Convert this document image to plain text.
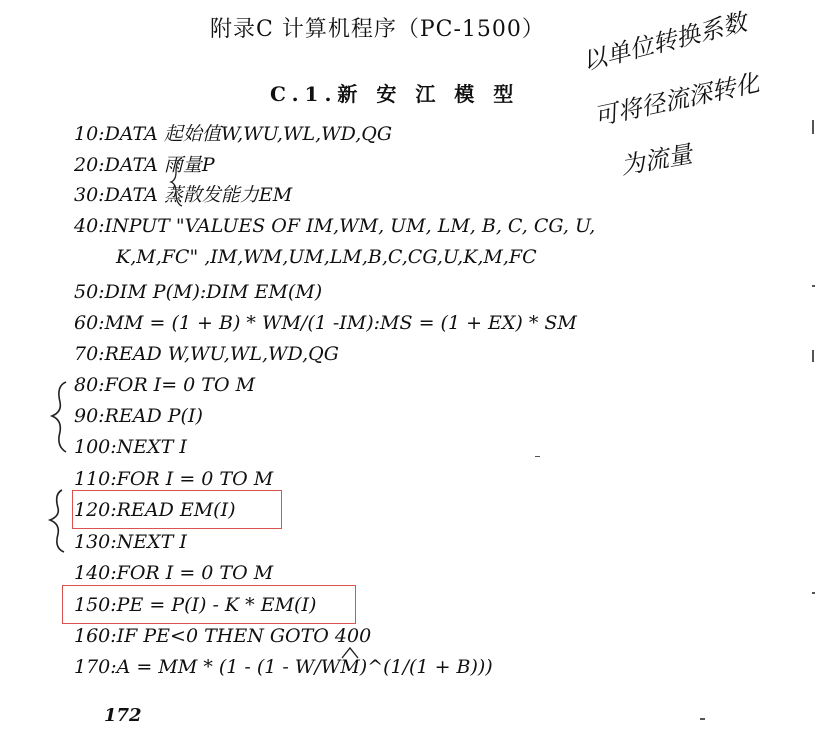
附录C 计算机程序（PC-1500）
C.1.新 安 江 模 型
以单位转换系数
可将径流深转化
为流量
10:DATA 起始值W,WU,WL,WD,QG
20:DATA 雨量P
30:DATA 蒸散发能力EM
40:INPUT "VALUES OF IM,WM, UM, LM, B, C, CG, U,
K,M,FC" ,IM,WM,UM,LM,B,C,CG,U,K,M,FC
50:DIM P(M):DIM EM(M)
60:MM = (1 + B) * WM/(1 -IM):MS = (1 + EX) * SM
70:READ W,WU,WL,WD,QG
80:FOR I= 0 TO M
90:READ P(I)
100:NEXT I
110:FOR I = 0 TO M
120:READ EM(I)
130:NEXT I
140:FOR I = 0 TO M
150:PE = P(I) - K * EM(I)
160:IF PE<0 THEN GOTO 400
170:A = MM * (1 - (1 - W/WM)^(1/(1 + B)))
172
